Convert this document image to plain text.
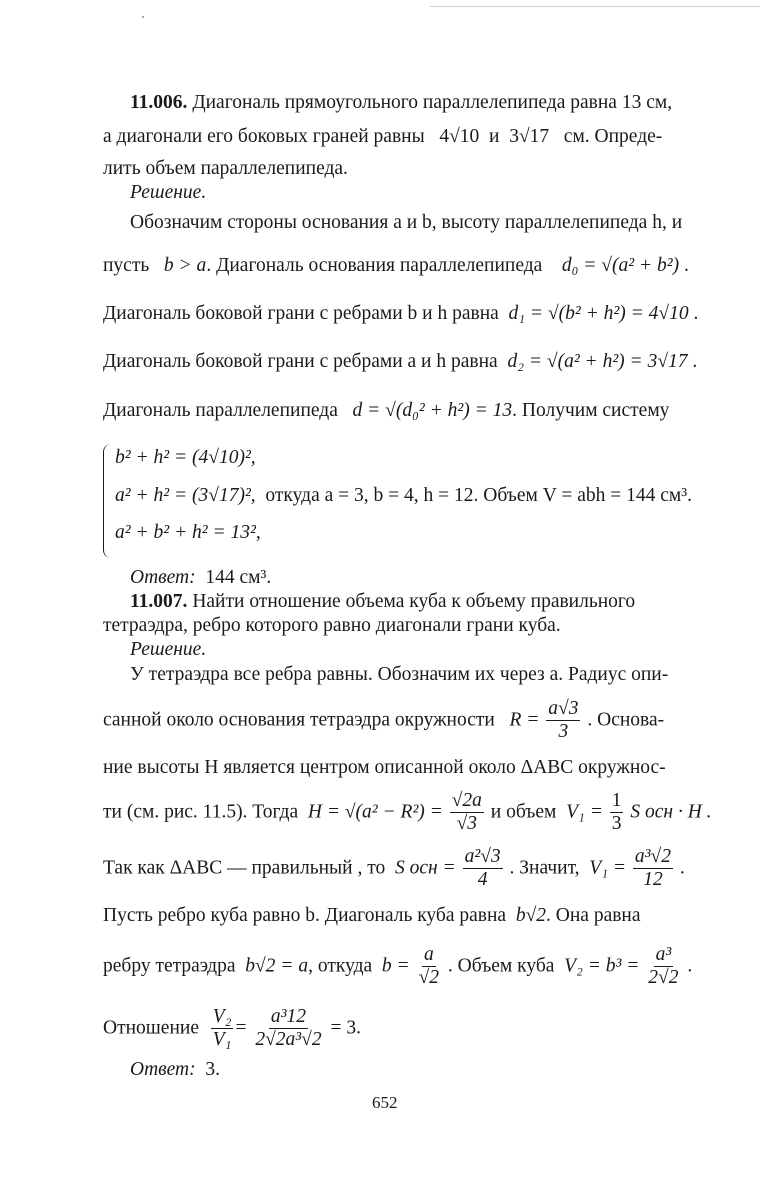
11.006. Диагональ прямоугольного параллелепипеда равна 13 см,
а диагонали его боковых граней равны 4√10 и 3√17 см. Опреде-
лить объем параллелепипеда.
Решение.
Обозначим стороны основания a и b, высоту параллелепипеда h, и
пусть b > a. Диагональ основания параллелепипеда d₀ = √(a² + b²) .
Диагональ боковой грани с ребрами b и h равна d₁ = √(b² + h²) = 4√10 .
Диагональ боковой грани с ребрами a и h равна d₂ = √(a² + h²) = 3√17 .
Диагональ параллелепипеда d = √(d₀² + h²) = 13. Получим систему
b² + h² = (4√10)²,
a² + h² = (3√17)², откуда a = 3, b = 4, h = 12. Объем V = abh = 144 см³.
a² + b² + h² = 13²,
Ответ: 144 см³.
11.007. Найти отношение объема куба к объему правильного
тетраэдра, ребро которого равно диагонали грани куба.
Решение.
У тетраэдра все ребра равны. Обозначим их через a. Радиус опи-
санной около основания тетраэдра окружности $R = \frac{a√3}{3}$ . Основа-
ние высоты H является центром описанной около ΔABC окружнос-
ти (см. рис. 11.5). Тогда $H = √(a^2 - R^2) = \frac{√2a}{√3}$ и объем $V_1 = \frac{1}{3}$ S осн · H .
Так как ΔABC — правильный , то S осн = $\frac{\text{a²√3}}{4}$ . Значит, $V_1 = \frac{\text{a³√2}}{12}$ .
Пусть ребро куба равно b. Диагональ куба равна b√2. Она равна
ребру тетраэдра b√2 = a, откуда $b = \frac{a}{√2}$ . Объем куба $V_2 = b^3 = \frac{\text{a³}}{2√2}$ .
Отношение $\frac{\text{V₂}}{\text{V₁}} = \frac{\text{a³12}}{\text{2√2a³√2}} = 3$.
Ответ: 3.
652
